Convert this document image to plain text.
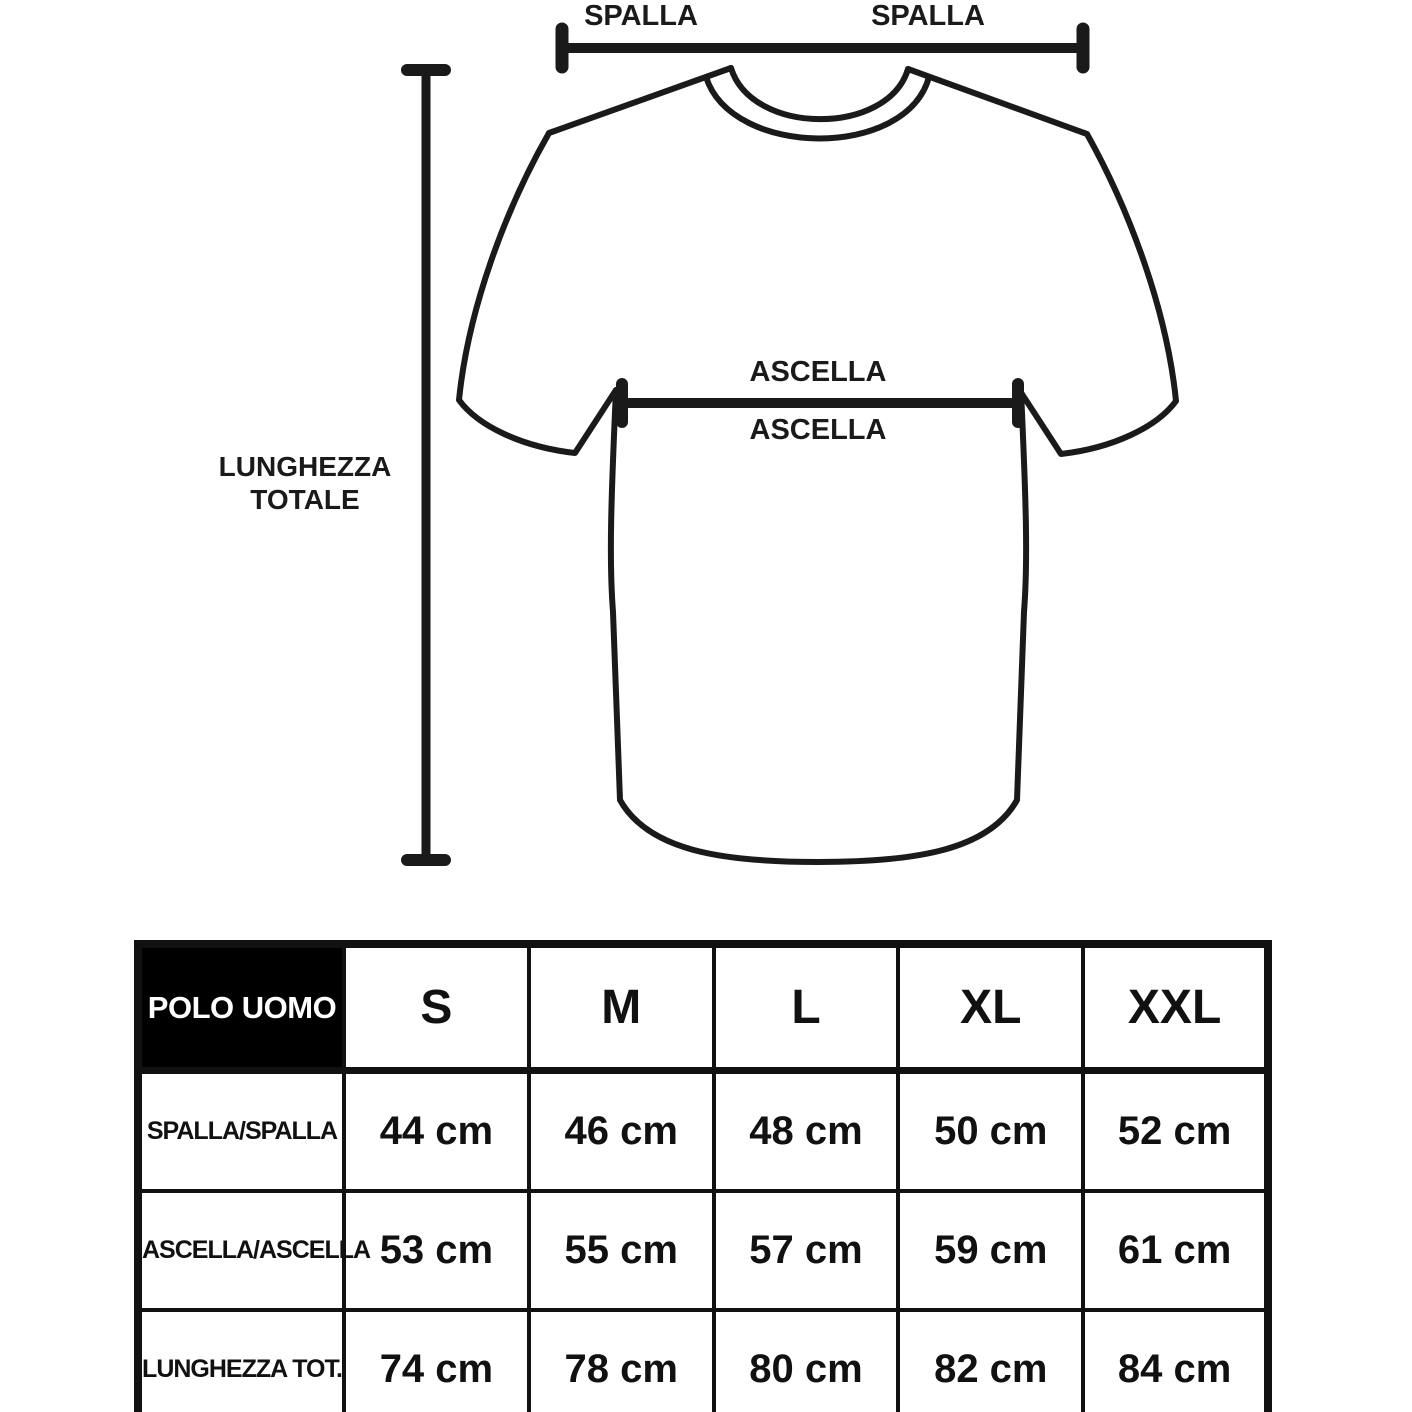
SPALLA	SPALLA
ASCELLA
ASCELLA
LUNGHEZZA TOTALE
POLO UOMO	S	M	L	XL	XXL
SPALLA/SPALLA	44 cm	46 cm	48 cm	50 cm	52 cm
ASCELLA/ASCELLA	53 cm	55 cm	57 cm	59 cm	61 cm
LUNGHEZZA TOT.	74 cm	78 cm	80 cm	82 cm	84 cm
